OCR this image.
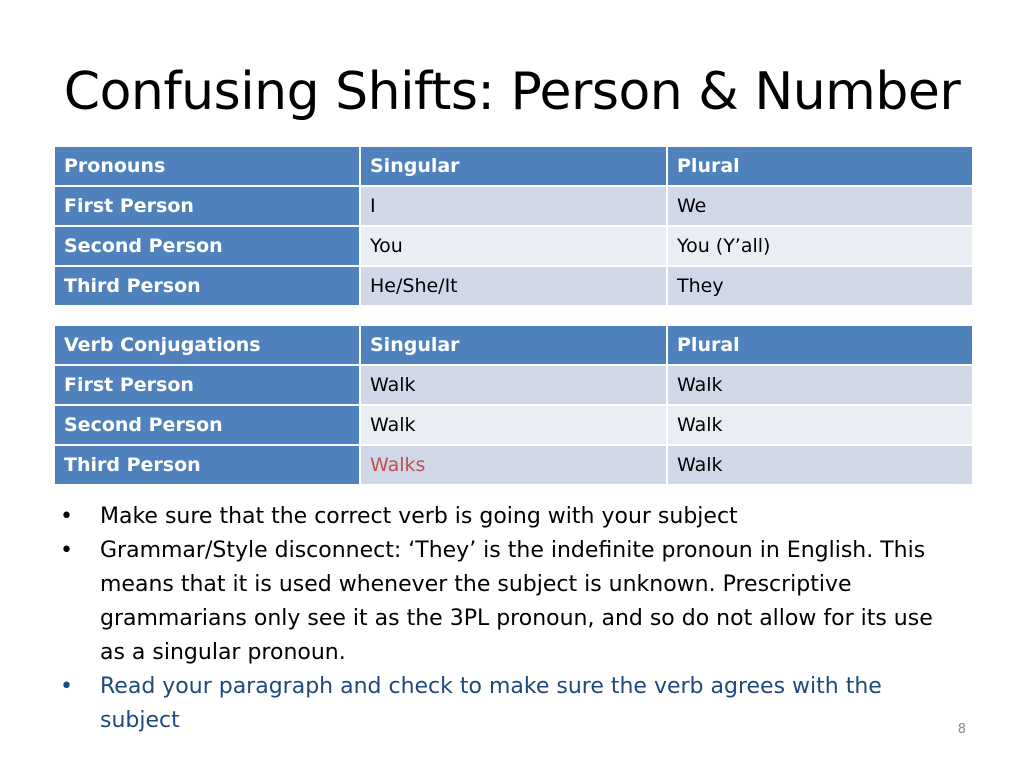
Confusing Shifts: Person & Number
Pronouns	Singular	Plural
First Person	I	We
Second Person	You	You (Y’all)
Third Person	He/She/It	They
Verb Conjugations	Singular	Plural
First Person	Walk	Walk
Second Person	Walk	Walk
Third Person	Walks	Walk
• Make sure that the correct verb is going with your subject
• Grammar/Style disconnect: ‘They’ is the indefinite pronoun in English. This means that it is used whenever the subject is unknown. Prescriptive grammarians only see it as the 3PL pronoun, and so do not allow for its use as a singular pronoun.
• Read your paragraph and check to make sure the verb agrees with the subject	8
